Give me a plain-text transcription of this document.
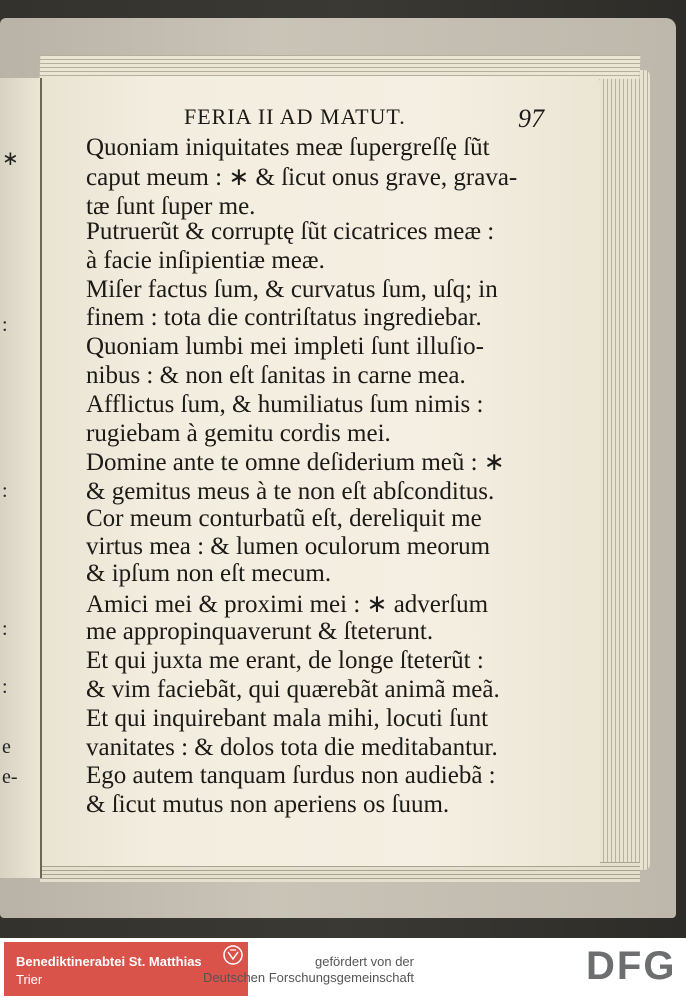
∗
:
:
:
:
e
e-
FERIA II AD MATUT.	97
Quoniam iniquitates meæ ſupergreſſę ſũt
caput meum : ∗ & ſicut onus grave, grava-
tæ ſunt ſuper me.
Putruerũt & corruptę ſũt cicatrices meæ :
à facie inſipientiæ meæ.
Miſer factus ſum, & curvatus ſum, uſq; in
finem : tota die contriſtatus ingrediebar.
Quoniam lumbi mei impleti ſunt illuſio-
nibus : & non eſt ſanitas in carne mea.
Afflictus ſum, & humiliatus ſum nimis :
rugiebam à gemitu cordis mei.
Domine ante te omne deſiderium meũ : ∗
& gemitus meus à te non eſt abſconditus.
Cor meum conturbatũ eſt, dereliquit me
virtus mea : & lumen oculorum meorum
& ipſum non eſt mecum.
Amici mei & proximi mei : ∗ adverſum
me appropinquaverunt & ſteterunt.
Et qui juxta me erant, de longe ſteterũt :
& vim faciebãt, qui quærebãt animã meã.
Et qui inquirebant mala mihi, locuti ſunt
vanitates : & dolos tota die meditabantur.
Ego autem tanquam ſurdus non audiebã :
& ſicut mutus non aperiens os ſuum.
Benediktinerabtei St. Matthias
Trier
gefördert von der
Deutschen Forschungsgemeinschaft	DFG
